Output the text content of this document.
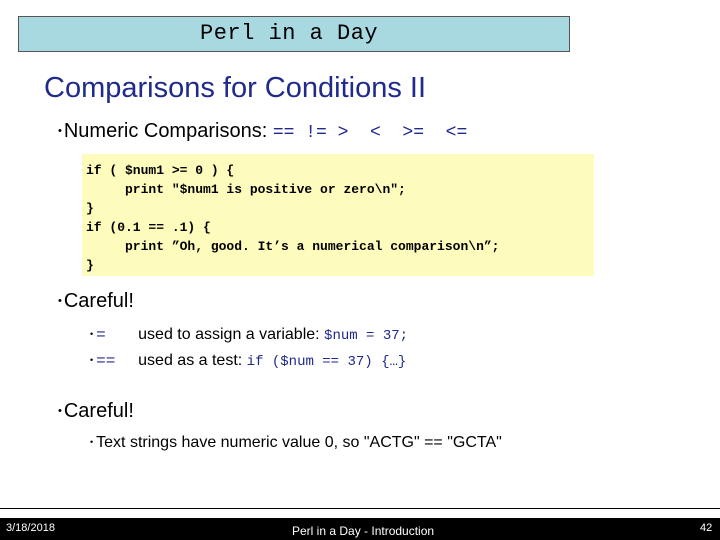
Perl in a Day
Comparisons for Conditions II
• Numeric Comparisons: == != >  <  >=  <=
if ( $num1 >= 0 ) {
print "$num1 is positive or zero\n";
}
if (0.1 == .1) {
print ”Oh, good. It’s a numerical comparison\n”;
}
• Careful!
• = used to assign a variable: $num = 37;
• == used as a test: if ($num == 37) {…}
• Careful!
• Text strings have numeric value 0, so "ACTG" == "GCTA"
3/18/2018	Perl in a Day - Introduction	42
